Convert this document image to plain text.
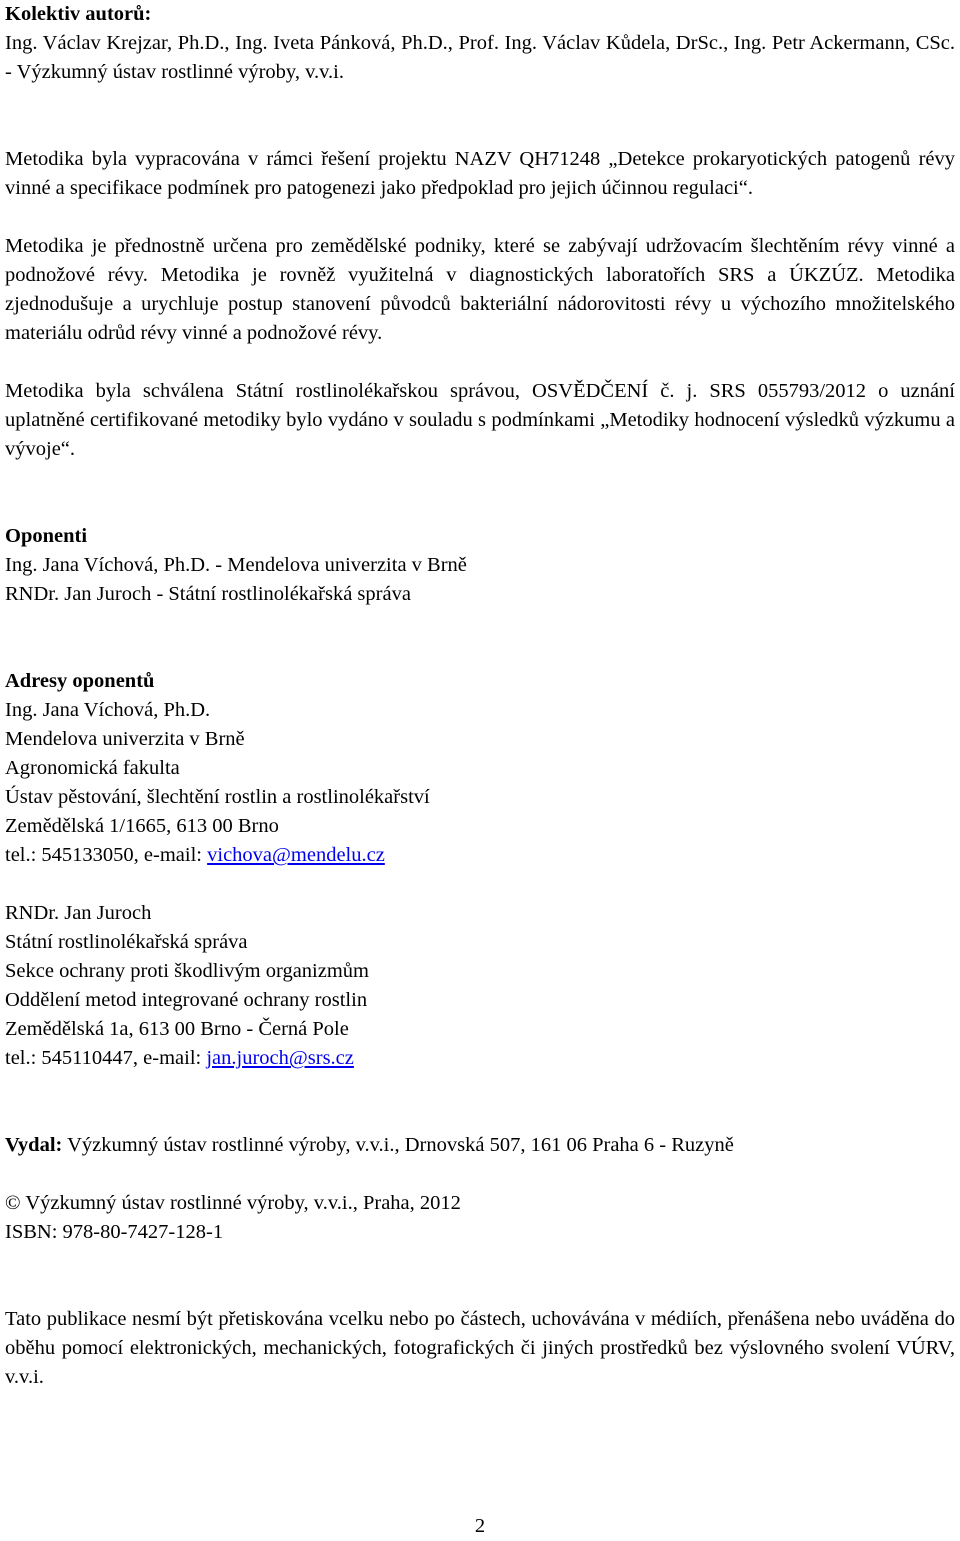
Kolektiv autorů:

Ing. Václav Krejzar, Ph.D., Ing. Iveta Pánková, Ph.D., Prof. Ing. Václav Kůdela, DrSc., Ing. Petr Ackermann, CSc. - Výzkumný ústav rostlinné výroby, v.v.i.

Metodika byla vypracována v rámci řešení projektu NAZV QH71248 „Detekce prokaryotických patogenů révy vinné a specifikace podmínek pro patogenezi jako předpoklad pro jejich účinnou regulaci“.

Metodika je přednostně určena pro zemědělské podniky, které se zabývají udržovacím šlechtěním révy vinné a podnožové révy. Metodika je rovněž využitelná v diagnostických laboratořích SRS a ÚKZÚZ. Metodika zjednodušuje a urychluje postup stanovení původců bakteriální nádorovitosti révy u výchozího množitelského materiálu odrůd révy vinné a podnožové révy.

Metodika byla schválena Státní rostlinolékařskou správou, OSVĚDČENÍ č. j. SRS 055793/2012 o uznání uplatněné certifikované metodiky bylo vydáno v souladu s podmínkami „Metodiky hodnocení výsledků výzkumu a vývoje“.

Oponenti

Ing. Jana Víchová, Ph.D. - Mendelova univerzita v Brně
RNDr. Jan Juroch - Státní rostlinolékařská správa

Adresy oponentů

Ing. Jana Víchová, Ph.D.
Mendelova univerzita v Brně
Agronomická fakulta
Ústav pěstování, šlechtění rostlin a rostlinolékařství
Zemědělská 1/1665, 613 00 Brno
tel.: 545133050, e-mail: vichova@mendelu.cz
RNDr. Jan Juroch
Státní rostlinolékařská správa
Sekce ochrany proti škodlivým organizmům
Oddělení metod integrované ochrany rostlin
Zemědělská 1a, 613 00 Brno - Černá Pole
tel.: 545110447, e-mail: jan.juroch@srs.cz

Vydal: Výzkumný ústav rostlinné výroby, v.v.i., Drnovská 507, 161 06 Praha 6 - Ruzyně

© Výzkumný ústav rostlinné výroby, v.v.i., Praha, 2012
ISBN: 978-80-7427-128-1

Tato publikace nesmí být přetiskována vcelku nebo po částech, uchovávána v médiích, přenášena nebo uváděna do oběhu pomocí elektronických, mechanických, fotografických či jiných prostředků bez výslovného svolení VÚRV, v.v.i.

2
